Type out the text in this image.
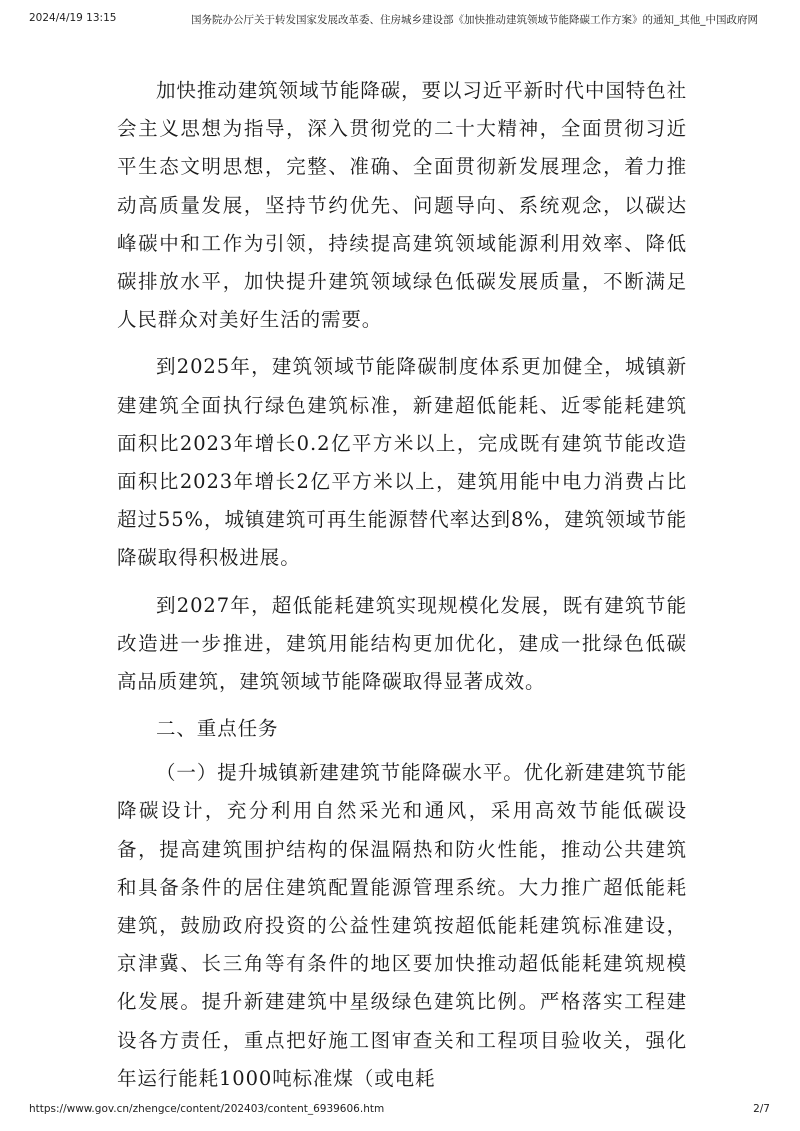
2024/4/19 13:15	国务院办公厅关于转发国家发展改革委、住房城乡建设部《加快推动建筑领域节能降碳工作方案》的通知_其他_中国政府网

加快推动建筑领域节能降碳，要以习近平新时代中国特色社会主义思想为指导，深入贯彻党的二十大精神，全面贯彻习近平生态文明思想，完整、准确、全面贯彻新发展理念，着力推动高质量发展，坚持节约优先、问题导向、系统观念，以碳达峰碳中和工作为引领，持续提高建筑领域能源利用效率、降低碳排放水平，加快提升建筑领域绿色低碳发展质量，不断满足人民群众对美好生活的需要。

到2025年，建筑领域节能降碳制度体系更加健全，城镇新建建筑全面执行绿色建筑标准，新建超低能耗、近零能耗建筑面积比2023年增长0.2亿平方米以上，完成既有建筑节能改造面积比2023年增长2亿平方米以上，建筑用能中电力消费占比超过55%，城镇建筑可再生能源替代率达到8%，建筑领域节能降碳取得积极进展。

到2027年，超低能耗建筑实现规模化发展，既有建筑节能改造进一步推进，建筑用能结构更加优化，建成一批绿色低碳高品质建筑，建筑领域节能降碳取得显著成效。

二、重点任务

（一）提升城镇新建建筑节能降碳水平。优化新建建筑节能降碳设计，充分利用自然采光和通风，采用高效节能低碳设备，提高建筑围护结构的保温隔热和防火性能，推动公共建筑和具备条件的居住建筑配置能源管理系统。大力推广超低能耗建筑，鼓励政府投资的公益性建筑按超低能耗建筑标准建设，京津冀、长三角等有条件的地区要加快推动超低能耗建筑规模化发展。提升新建建筑中星级绿色建筑比例。严格落实工程建设各方责任，重点把好施工图审查关和工程项目验收关，强化年运行能耗1000吨标准煤（或电耗

https://www.gov.cn/zhengce/content/202403/content_6939606.htm	2/7
